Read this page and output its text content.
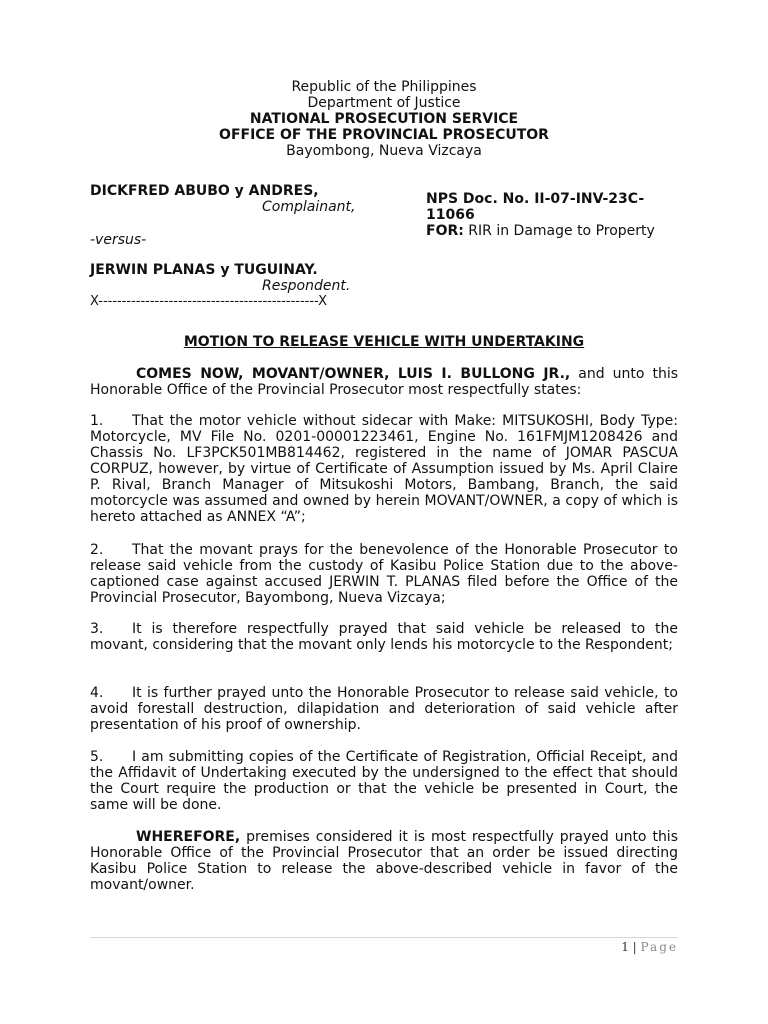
Republic of the Philippines
Department of Justice
NATIONAL PROSECUTION SERVICE
OFFICE OF THE PROVINCIAL PROSECUTOR
Bayombong, Nueva Vizcaya
DICKFRED ABUBO y ANDRES,
Complainant,
-versus-
JERWIN PLANAS y TUGUINAY.
Respondent.
X-----------------------------------------------X
NPS Doc. No. II-07-INV-23C-
11066
FOR: RIR in Damage to Property
MOTION TO RELEASE VEHICLE WITH UNDERTAKING
COMES NOW, MOVANT/OWNER, LUIS I. BULLONG JR., and unto this Honorable Office of the Provincial Prosecutor most respectfully states:
1. That the motor vehicle without sidecar with Make: MITSUKOSHI, Body Type: Motorcycle, MV File No. 0201-00001223461, Engine No. 161FMJM1208426 and Chassis No. LF3PCK501MB814462, registered in the name of JOMAR PASCUA CORPUZ, however, by virtue of Certificate of Assumption issued by Ms. April Claire P. Rival, Branch Manager of Mitsukoshi Motors, Bambang, Branch, the said motorcycle was assumed and owned by herein MOVANT/OWNER, a copy of which is hereto attached as ANNEX “A”;
2. That the movant prays for the benevolence of the Honorable Prosecutor to release said vehicle from the custody of Kasibu Police Station due to the above-captioned case against accused JERWIN T. PLANAS filed before the Office of the Provincial Prosecutor, Bayombong, Nueva Vizcaya;
3. It is therefore respectfully prayed that said vehicle be released to the movant, considering that the movant only lends his motorcycle to the Respondent;
4. It is further prayed unto the Honorable Prosecutor to release said vehicle, to avoid forestall destruction, dilapidation and deterioration of said vehicle after presentation of his proof of ownership.
5. I am submitting copies of the Certificate of Registration, Official Receipt, and the Affidavit of Undertaking executed by the undersigned to the effect that should the Court require the production or that the vehicle be presented in Court, the same will be done.
WHEREFORE, premises considered it is most respectfully prayed unto this Honorable Office of the Provincial Prosecutor that an order be issued directing Kasibu Police Station to release the above-described vehicle in favor of the movant/owner.
1 | Page
